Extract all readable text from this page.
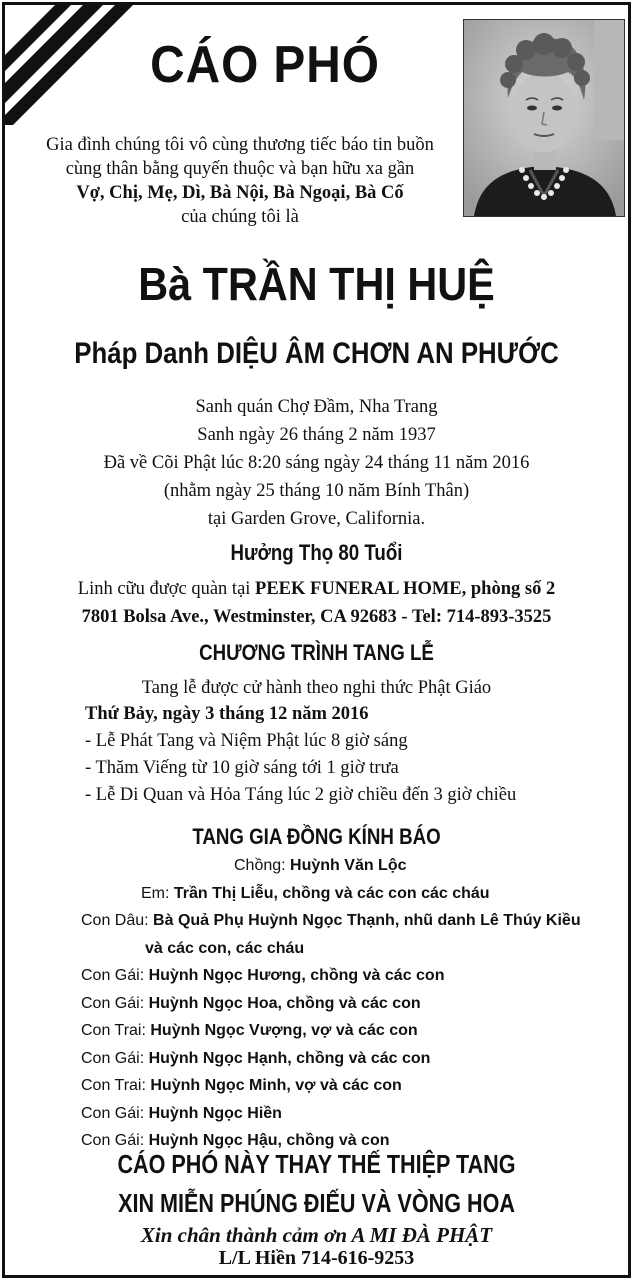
CÁO PHÓ
Gia đình chúng tôi vô cùng thương tiếc báo tin buồn
cùng thân bằng quyến thuộc và bạn hữu xa gần
Vợ, Chị, Mẹ, Dì, Bà Nội, Bà Ngoại, Bà Cố
của chúng tôi là
Bà TRẦN THỊ HUỆ
Pháp Danh DIỆU ÂM CHƠN AN PHƯỚC
Sanh quán Chợ Đầm, Nha Trang
Sanh ngày 26 tháng 2 năm 1937
Đã về Cõi Phật lúc 8:20 sáng ngày 24 tháng 11 năm 2016
(nhằm ngày 25 tháng 10 năm Bính Thân)
tại Garden Grove, California.
Hưởng Thọ 80 Tuổi
Linh cữu được quàn tại PEEK FUNERAL HOME, phòng số 2
7801 Bolsa Ave., Westminster, CA 92683 - Tel: 714-893-3525
CHƯƠNG TRÌNH TANG LỄ
Tang lễ được cử hành theo nghi thức Phật Giáo
Thứ Bảy, ngày 3 tháng 12 năm 2016
- Lễ Phát Tang và Niệm Phật lúc 8 giờ sáng
- Thăm Viếng từ 10 giờ sáng tới 1 giờ trưa
- Lễ Di Quan và Hỏa Táng lúc 2 giờ chiều đến 3 giờ chiều
TANG GIA ĐỒNG KÍNH BÁO
Chồng: Huỳnh Văn Lộc
Em: Trần Thị Liễu, chồng và các con các cháu
Con Dâu: Bà Quả Phụ Huỳnh Ngọc Thạnh, nhũ danh Lê Thúy Kiều
và các con, các cháu
Con Gái: Huỳnh Ngọc Hương, chồng và các con
Con Gái: Huỳnh Ngọc Hoa, chồng và các con
Con Trai: Huỳnh Ngọc Vượng, vợ và các con
Con Gái: Huỳnh Ngọc Hạnh, chồng và các con
Con Trai: Huỳnh Ngọc Minh, vợ và các con
Con Gái: Huỳnh Ngọc Hiền
Con Gái: Huỳnh Ngọc Hậu, chồng và con
CÁO PHÓ NÀY THAY THẾ THIỆP TANG
XIN MIỄN PHÚNG ĐIẾU VÀ VÒNG HOA
Xin chân thành cảm ơn A MI ĐÀ PHẬT
L/L Hiền 714-616-9253
